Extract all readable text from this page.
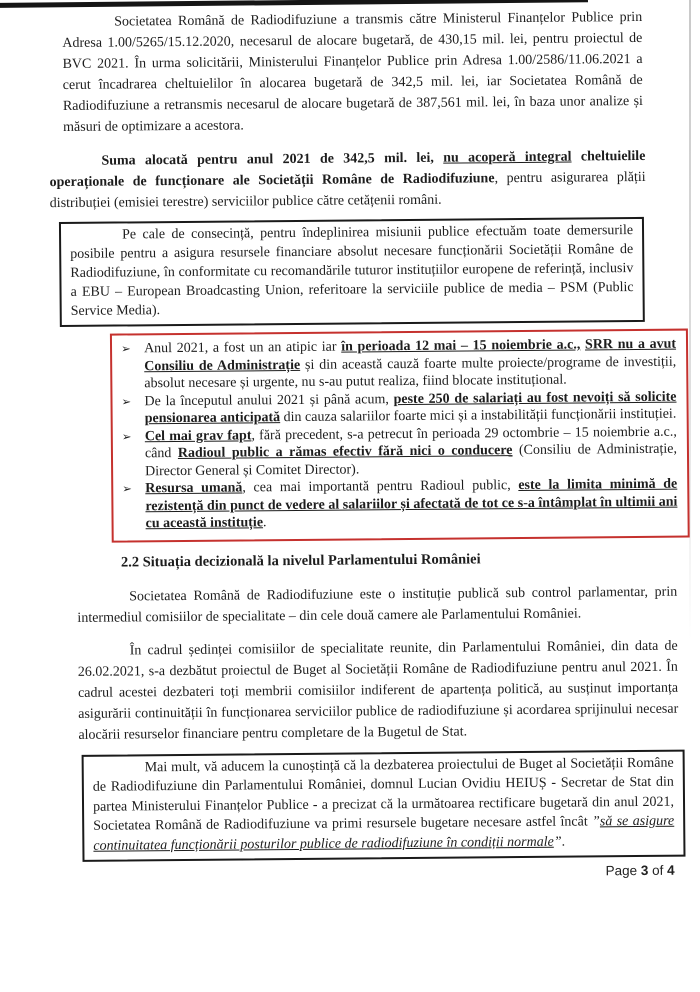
Societatea Română de Radiodifuziune a transmis către Ministerul Finanțelor Publice prin Adresa 1.00/5265/15.12.2020, necesarul de alocare bugetară, de 430,15 mil. lei, pentru proiectul de BVC 2021. În urma solicitării, Ministerului Finanțelor Publice prin Adresa 1.00/2586/11.06.2021 a cerut încadrarea cheltuielilor în alocarea bugetară de 342,5 mil. lei, iar Societatea Română de Radiodifuziune a retransmis necesarul de alocare bugetară de 387,561 mil. lei, în baza unor analize și măsuri de optimizare a acestora.

Suma alocată pentru anul 2021 de 342,5 mil. lei, nu acoperă integral cheltuielile operaționale de funcționare ale Societății Române de Radiodifuziune, pentru asigurarea plății distribuției (emisiei terestre) serviciilor publice către cetățenii români.

Pe cale de consecință, pentru îndeplinirea misiunii publice efectuăm toate demersurile posibile pentru a asigura resursele financiare absolut necesare funcționării Societății Române de Radiodifuziune, în conformitate cu recomandările tuturor instituțiilor europene de referință, inclusiv a EBU – European Broadcasting Union, referitoare la serviciile publice de media – PSM (Public Service Media).

➢ Anul 2021, a fost un an atipic iar în perioada 12 mai – 15 noiembrie a.c., SRR nu a avut Consiliu de Administrație și din această cauză foarte multe proiecte/programe de investiții, absolut necesare și urgente, nu s-au putut realiza, fiind blocate instituțional.
➢ De la începutul anului 2021 și până acum, peste 250 de salariați au fost nevoiți să solicite pensionarea anticipată din cauza salariilor foarte mici și a instabilității funcționării instituției.
➢ Cel mai grav fapt, fără precedent, s-a petrecut în perioada 29 octombrie – 15 noiembrie a.c., când Radioul public a rămas efectiv fără nici o conducere (Consiliu de Administrație, Director General și Comitet Director).
➢ Resursa umană, cea mai importantă pentru Radioul public, este la limita minimă de rezistență din punct de vedere al salariilor și afectată de tot ce s-a întâmplat în ultimii ani cu această instituție.
2.2 Situația decizională la nivelul Parlamentului României

Societatea Română de Radiodifuziune este o instituție publică sub control parlamentar, prin intermediul comisiilor de specialitate – din cele două camere ale Parlamentului României.

În cadrul ședinței comisiilor de specialitate reunite, din Parlamentului României, din data de 26.02.2021, s-a dezbătut proiectul de Buget al Societății Române de Radiodifuziune pentru anul 2021. În cadrul acestei dezbateri toți membrii comisiilor indiferent de apartența politică, au susținut importanța asigurării continuității în funcționarea serviciilor publice de radiodifuziune și acordarea sprijinului necesar alocării resurselor financiare pentru completare de la Bugetul de Stat.

Mai mult, vă aducem la cunoștință că la dezbaterea proiectului de Buget al Societății Române de Radiodifuziune din Parlamentului României, domnul Lucian Ovidiu HEIUȘ - Secretar de Stat din partea Ministerului Finanțelor Publice - a precizat că la următoarea rectificare bugetară din anul 2021, Societatea Română de Radiodifuziune va primi resursele bugetare necesare astfel încât ”să se asigure continuitatea funcționării posturilor publice de radiodifuziune în condiții normale”.

Page 3 of 4
